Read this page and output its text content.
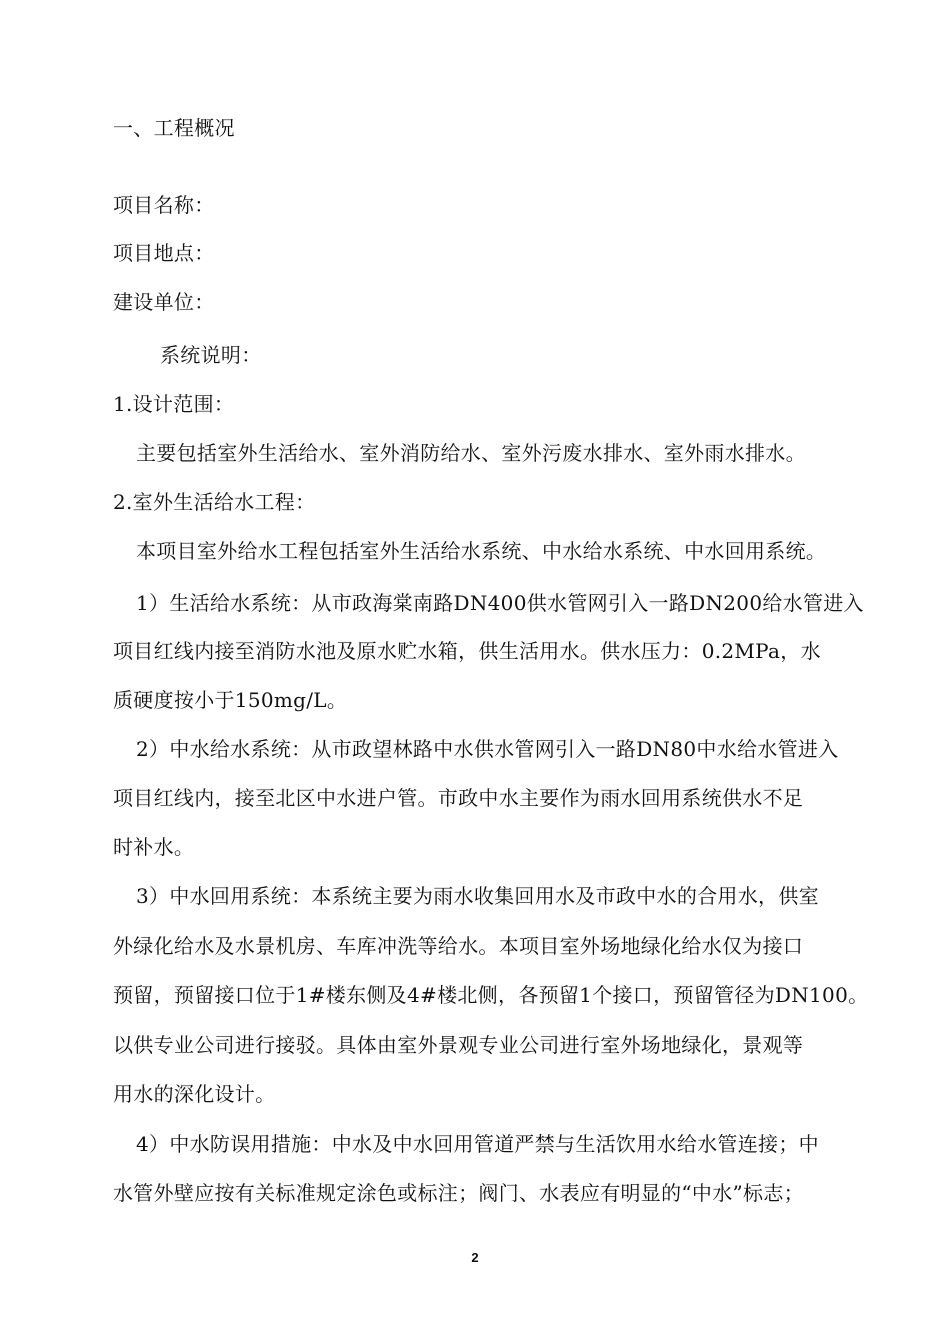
一、工程概况
项目名称：
项目地点：
建设单位：
系统说明：
1.设计范围：
主要包括室外生活给水、室外消防给水、室外污废水排水、室外雨水排水。
2.室外生活给水工程：
本项目室外给水工程包括室外生活给水系统、中水给水系统、中水回用系统。
1）生活给水系统：从市政海棠南路DN400供水管网引入一路DN200给水管进入
项目红线内接至消防水池及原水贮水箱，供生活用水。供水压力：0.2MPa，水
质硬度按小于150mg/L。
2）中水给水系统：从市政望林路中水供水管网引入一路DN80中水给水管进入
项目红线内，接至北区中水进户管。市政中水主要作为雨水回用系统供水不足
时补水。
3）中水回用系统：本系统主要为雨水收集回用水及市政中水的合用水，供室
外绿化给水及水景机房、车库冲洗等给水。本项目室外场地绿化给水仅为接口
预留，预留接口位于1#楼东侧及4#楼北侧，各预留1个接口，预留管径为DN100。
以供专业公司进行接驳。具体由室外景观专业公司进行室外场地绿化，景观等
用水的深化设计。
4）中水防误用措施：中水及中水回用管道严禁与生活饮用水给水管连接；中
水管外壁应按有关标准规定涂色或标注；阀门、水表应有明显的“中水”标志；
2
